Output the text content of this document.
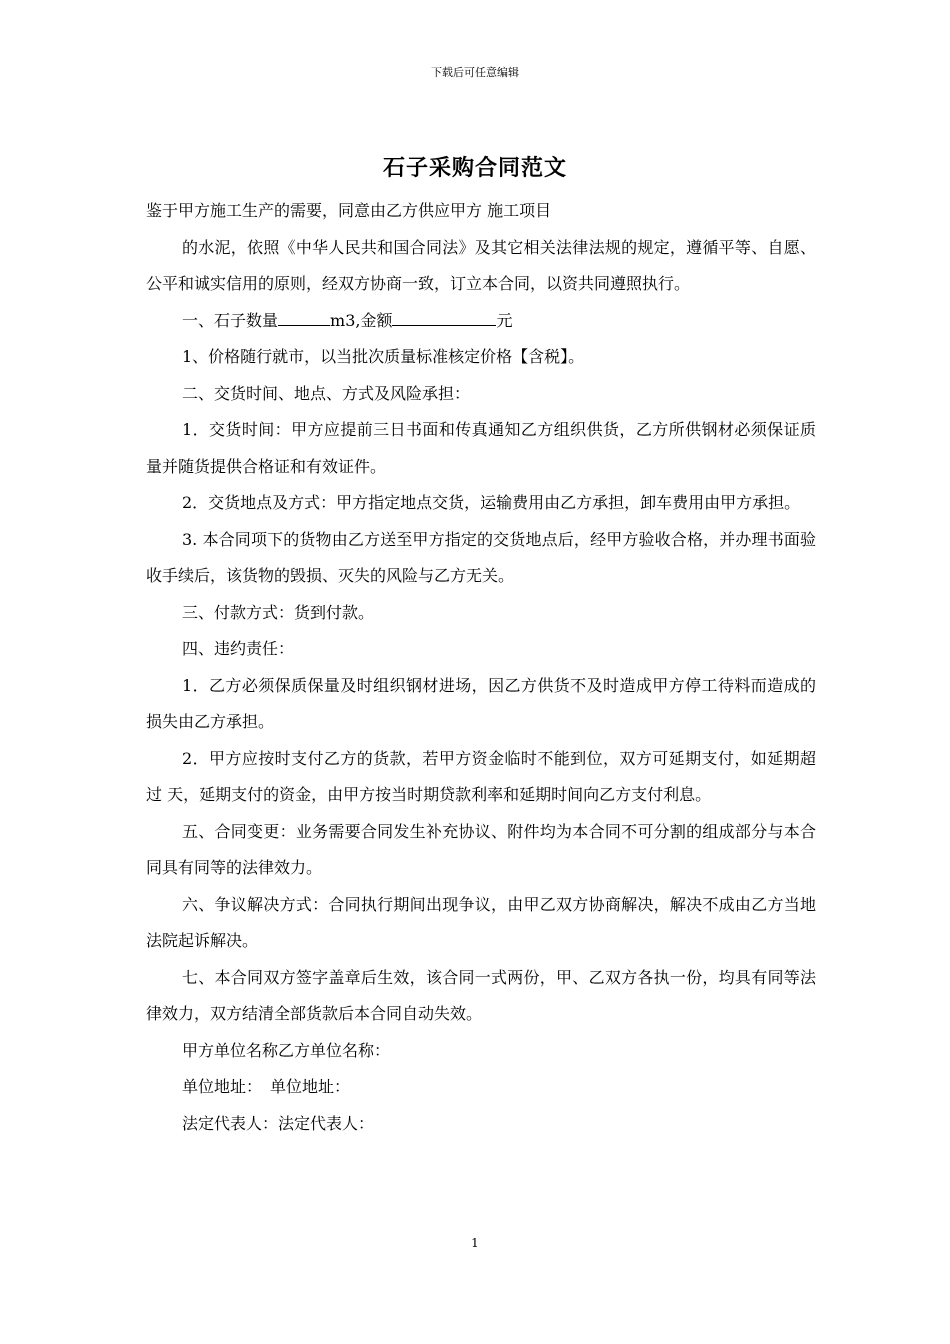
下载后可任意编辑
石子采购合同范文

鉴于甲方施工生产的需要，同意由乙方供应甲方 施工项目

的水泥，依照《中华人民共和国合同法》及其它相关法律法规的规定，遵循平等、自愿、公平和诚实信用的原则，经双方协商一致，订立本合同，以资共同遵照执行。

一、石子数量	m3,金额	元

1、价格随行就市，以当批次质量标准核定价格【含税】。

二、交货时间、地点、方式及风险承担：

1．交货时间：甲方应提前三日书面和传真通知乙方组织供货，乙方所供钢材必须保证质量并随货提供合格证和有效证件。

2．交货地点及方式：甲方指定地点交货，运输费用由乙方承担，卸车费用由甲方承担。

3. 本合同项下的货物由乙方送至甲方指定的交货地点后，经甲方验收合格，并办理书面验收手续后，该货物的毁损、灭失的风险与乙方无关。

三、付款方式：货到付款。

四、违约责任：

1．乙方必须保质保量及时组织钢材进场，因乙方供货不及时造成甲方停工待料而造成的损失由乙方承担。

2．甲方应按时支付乙方的货款，若甲方资金临时不能到位，双方可延期支付，如延期超过 天，延期支付的资金，由甲方按当时期贷款利率和延期时间向乙方支付利息。

五、合同变更：业务需要合同发生补充协议、附件均为本合同不可分割的组成部分与本合同具有同等的法律效力。

六、争议解决方式：合同执行期间出现争议，由甲乙双方协商解决，解决不成由乙方当地法院起诉解决。

七、本合同双方签字盖章后生效，该合同一式两份，甲、乙双方各执一份，均具有同等法律效力，双方结清全部货款后本合同自动失效。

甲方单位名称乙方单位名称：

单位地址：　单位地址：

法定代表人：法定代表人：

1
